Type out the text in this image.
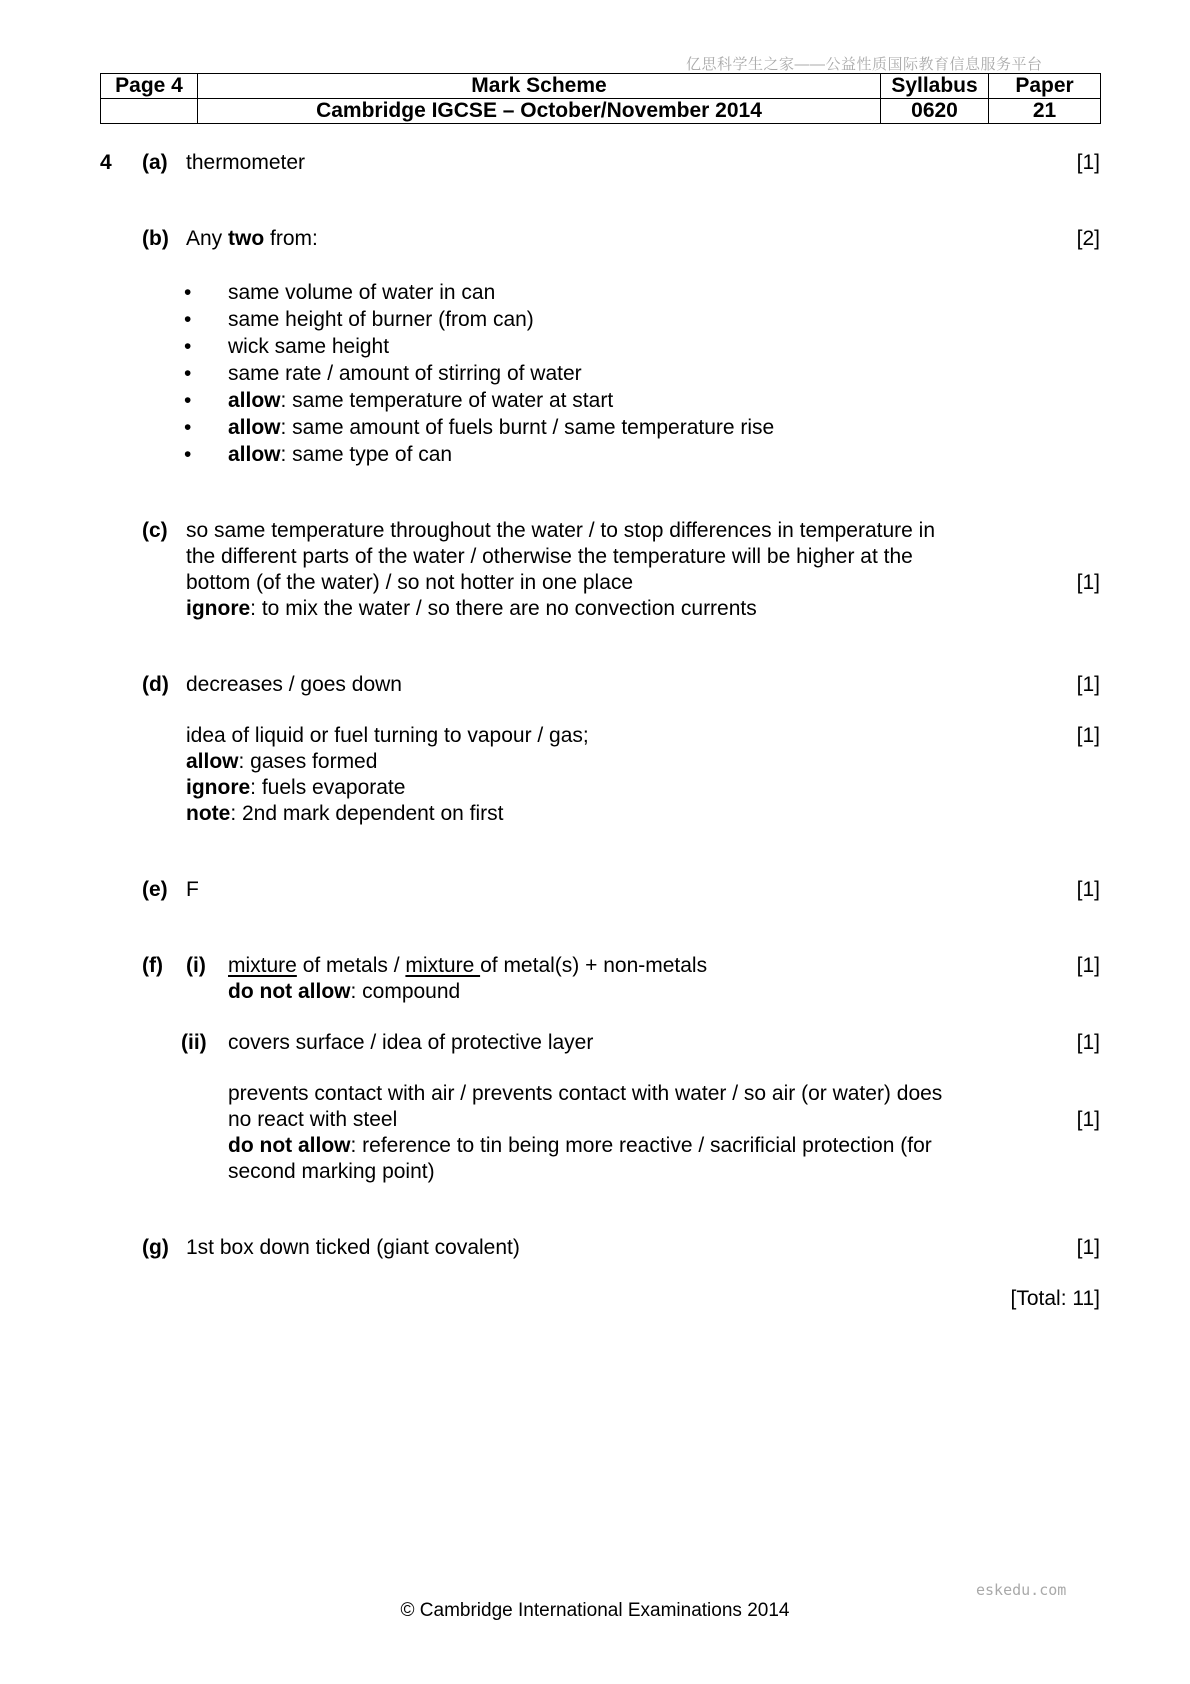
亿思科学生之家——公益性质国际教育信息服务平台
Page 4	Mark Scheme	Syllabus	Paper
	Cambridge IGCSE – October/November 2014	0620	21
4 (a) thermometer	[1]
(b) Any two from:	[2]
• same volume of water in can
• same height of burner (from can)
• wick same height
• same rate / amount of stirring of water
• allow: same temperature of water at start
• allow: same amount of fuels burnt / same temperature rise
• allow: same type of can
(c) so same temperature throughout the water / to stop differences in temperature in
the different parts of the water / otherwise the temperature will be higher at the
bottom (of the water) / so not hotter in one place	[1]
ignore: to mix the water / so there are no convection currents
(d) decreases / goes down	[1]
idea of liquid or fuel turning to vapour / gas;	[1]
allow: gases formed
ignore: fuels evaporate
note: 2nd mark dependent on first
(e) F	[1]
(f) (i) mixture of metals / mixture of metal(s) + non-metals	[1]
do not allow: compound
(ii) covers surface / idea of protective layer	[1]
prevents contact with air / prevents contact with water / so air (or water) does
no react with steel	[1]
do not allow: reference to tin being more reactive / sacrificial protection (for
second marking point)
(g) 1st box down ticked (giant covalent)	[1]
[Total: 11]
eskedu.com
© Cambridge International Examinations 2014
